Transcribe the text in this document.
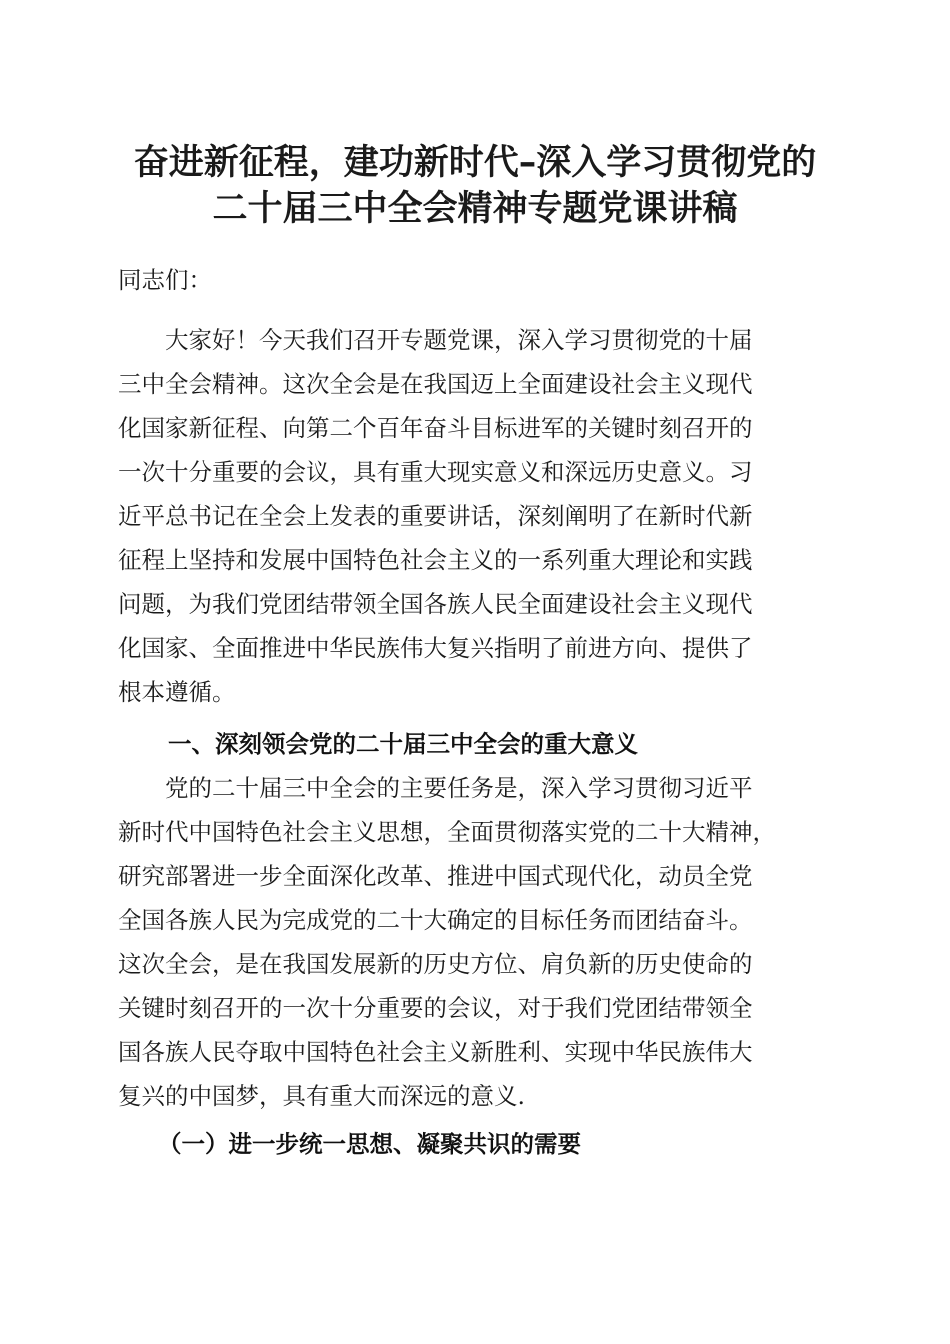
奋进新征程，建功新时代–深入学习贯彻党的
二十届三中全会精神专题党课讲稿

同志们：

　　大家好！今天我们召开专题党课，深入学习贯彻党的十届

三中全会精神。这次全会是在我国迈上全面建设社会主义现代

化国家新征程、向第二个百年奋斗目标进军的关键时刻召开的

一次十分重要的会议，具有重大现实意义和深远历史意义。习

近平总书记在全会上发表的重要讲话，深刻阐明了在新时代新

征程上坚持和发展中国特色社会主义的一系列重大理论和实践

问题，为我们党团结带领全国各族人民全面建设社会主义现代

化国家、全面推进中华民族伟大复兴指明了前进方向、提供了

根本遵循。

一、深刻领会党的二十届三中全会的重大意义

　　党的二十届三中全会的主要任务是，深入学习贯彻习近平

新时代中国特色社会主义思想，全面贯彻落实党的二十大精神，

研究部署进一步全面深化改革、推进中国式现代化，动员全党

全国各族人民为完成党的二十大确定的目标任务而团结奋斗。

这次全会，是在我国发展新的历史方位、肩负新的历史使命的

关键时刻召开的一次十分重要的会议，对于我们党团结带领全

国各族人民夺取中国特色社会主义新胜利、实现中华民族伟大

复兴的中国梦，具有重大而深远的意义.

（一）进一步统一思想、凝聚共识的需要
